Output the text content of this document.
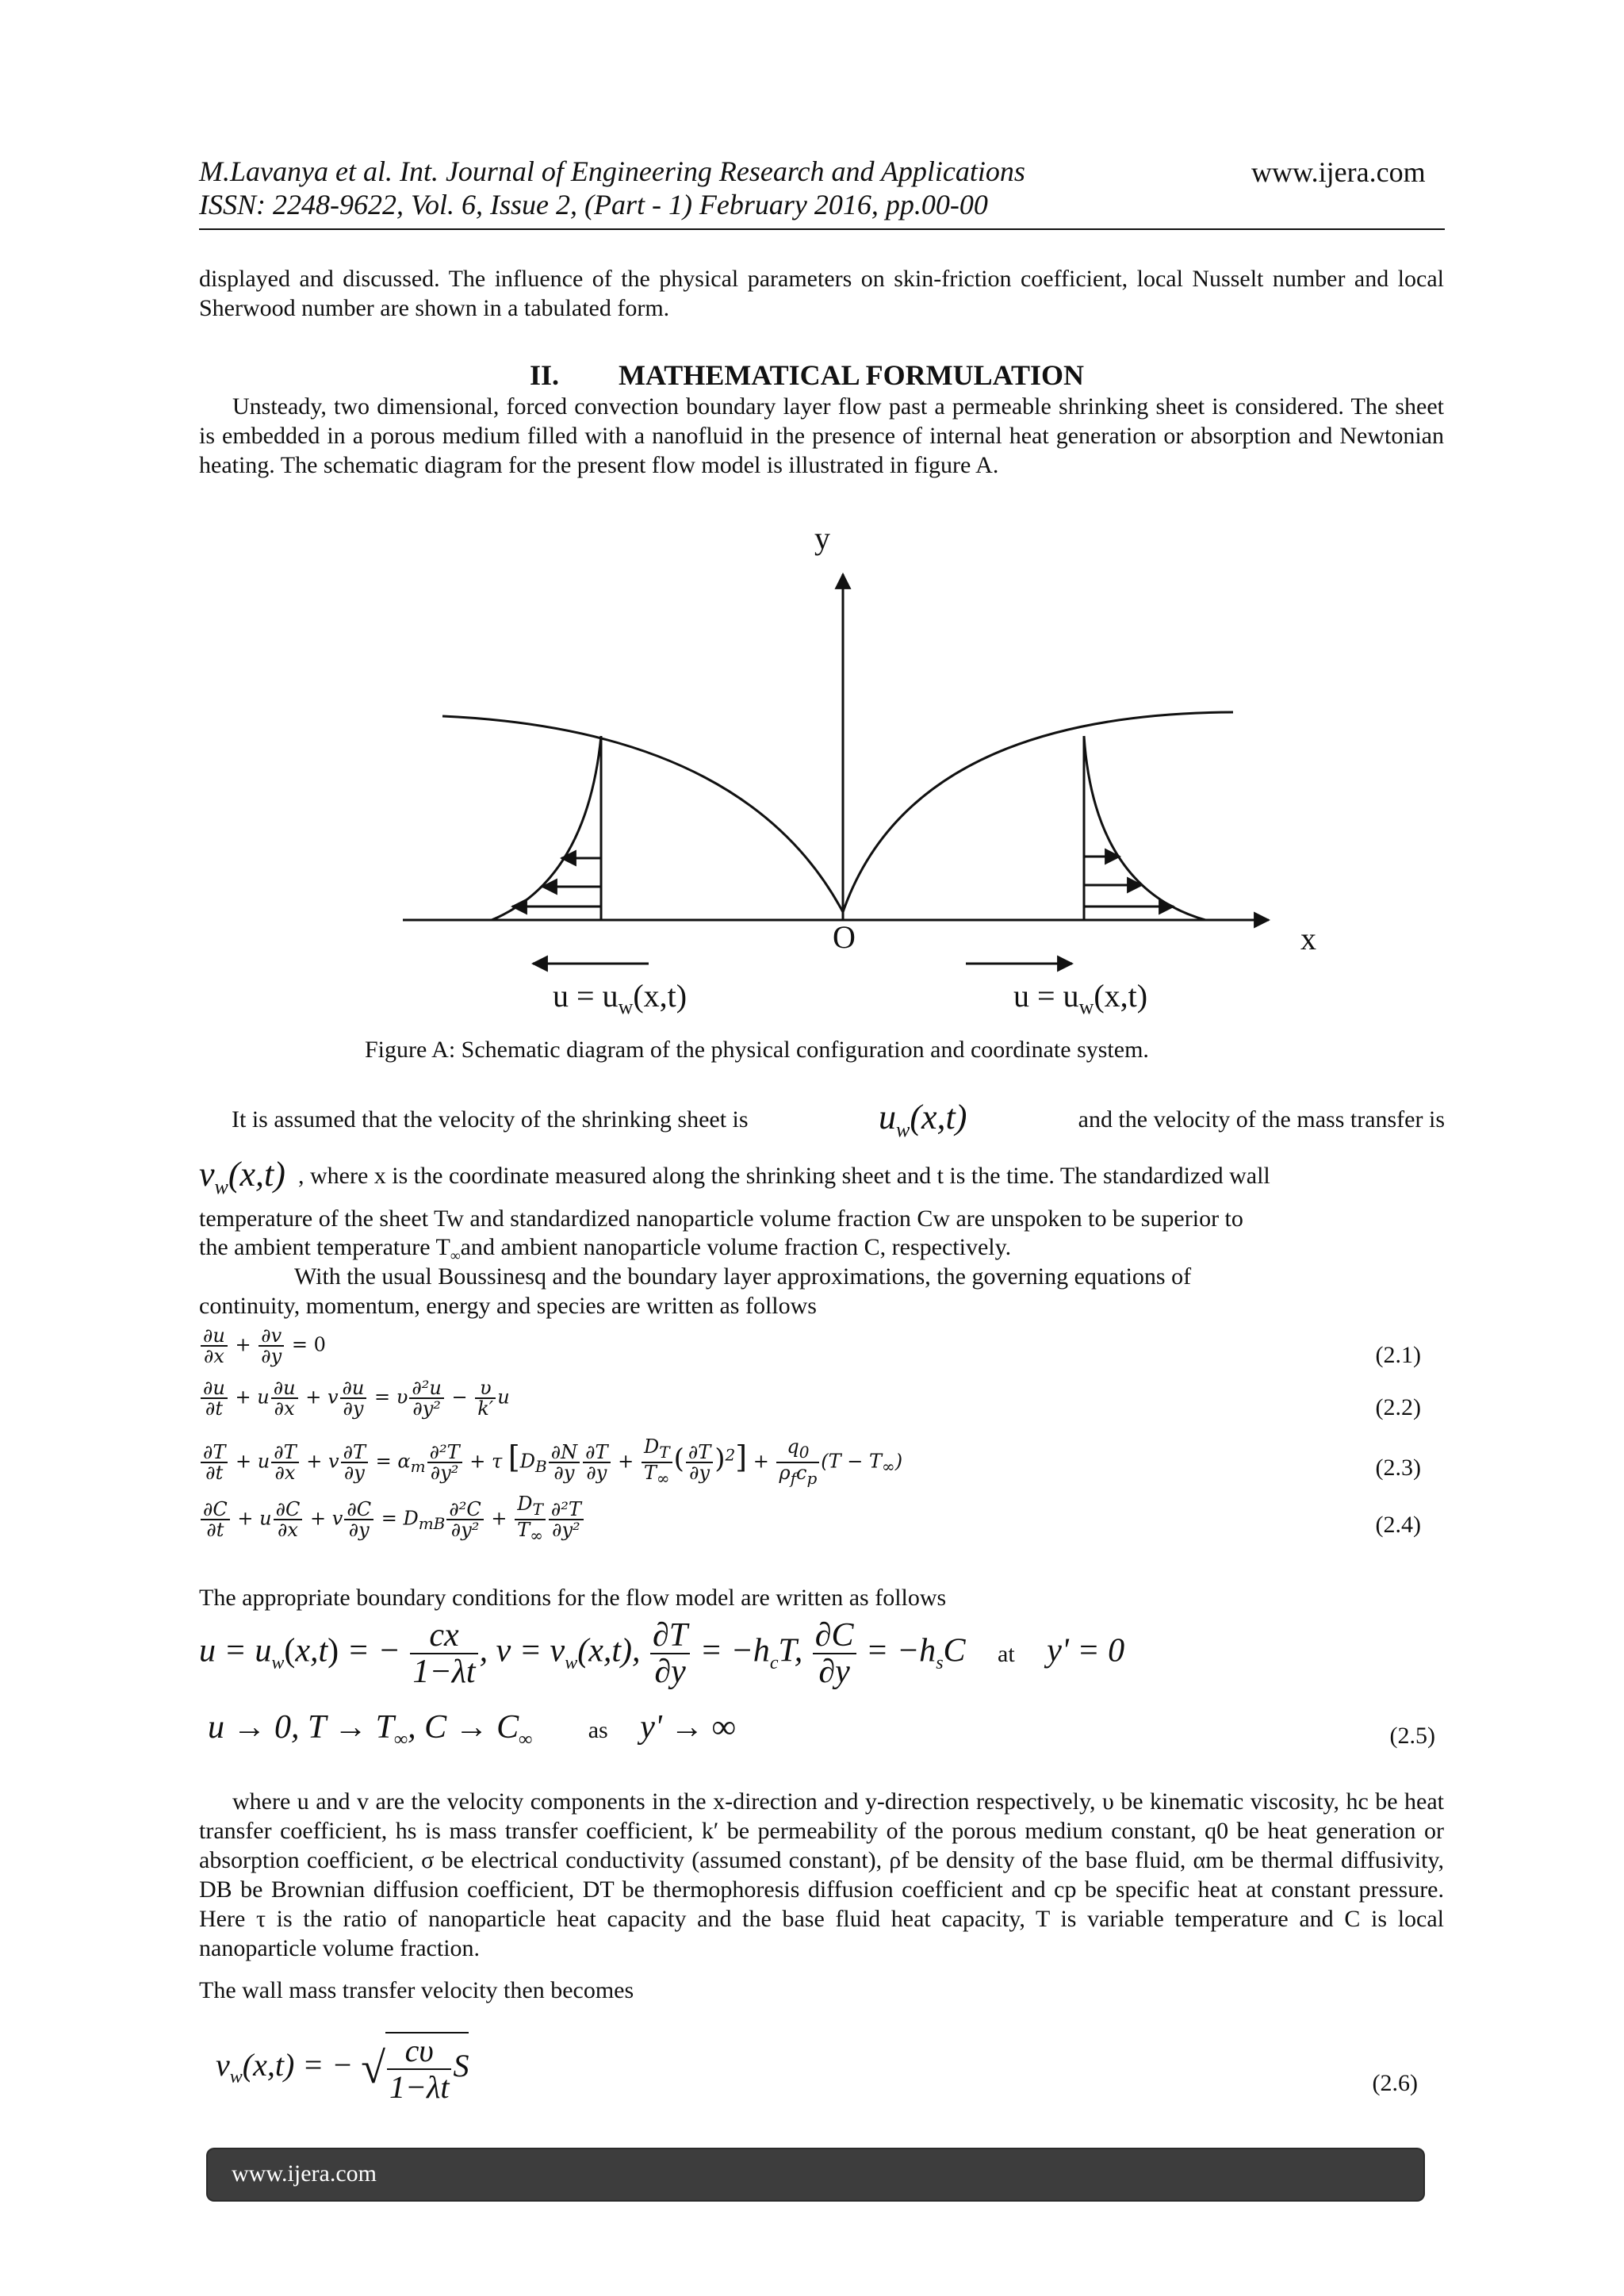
M.Lavanya et al. Int. Journal of Engineering Research and Applications
ISSN: 2248-9622, Vol. 6, Issue 2, (Part - 1) February 2016, pp.00-00
www.ijera.com
displayed and discussed. The influence of the physical parameters on skin-friction coefficient, local Nusselt number and local Sherwood number are shown in a tabulated form.
II. MATHEMATICAL FORMULATION
Unsteady, two dimensional, forced convection boundary layer flow past a permeable shrinking sheet is considered. The sheet is embedded in a porous medium filled with a nanofluid in the presence of internal heat generation or absorption and Newtonian heating. The schematic diagram for the present flow model is illustrated in figure A.
y
x
O
$u = u_w(x,t)$	$u = u_w(x,t)$
Figure A: Schematic diagram of the physical configuration and coordinate system.
It is assumed that the velocity of the shrinking sheet is	$u_w(x,t)$	and the velocity of the mass transfer is
$v_w(x,t)$ , where x is the coordinate measured along the shrinking sheet and t is the time. The standardized wall
temperature of the sheet Tw and standardized nanoparticle volume fraction Cw are unspoken to be superior to
the ambient temperature $T_\infty and$ ambient nanoparticle volume fraction C, respectively.
With the usual Boussinesq and the boundary layer approximations, the governing equations of
continuity, momentum, energy and species are written as follows
$\frac{\partial u}{\partial x} + \frac{\partial v}{\partial y} = 0$	(2.1)
$\frac{\partial u}{\partial t} + u \frac{\partial u}{\partial x} + v \frac{\partial u}{\partial y} = \upsilon \frac{\text{∂²u}}{\text{∂y²}} - \frac{\upsilon}{k'}$ u	(2.2)
$\frac{\partial T}{\partial t} + u \frac{\partial T}{\partial x} + v \frac{\partial T}{\partial y} = \alpha_m \frac{\text{∂²T}}{\text{∂y²}} + \tau$ [$D_B \frac{\partial N}{\partial y} \frac{\partial T}{\partial y} + \frac{D_T}{T_\infty}$ ( $\frac{\partial T}{\partial y} )^2] + \frac{q_0}{\rho_fc_p} (T - T_\infty)$	(2.3)
$\frac{\partial C}{\partial t} + u \frac{\partial C}{\partial x} + v \frac{\partial C}{\partial y} = D_{mB} \frac{\text{∂²C}}{\text{∂y²}} + \frac{D_T}{T_\infty} \frac{\text{∂²T}}{\text{∂y²}}$	(2.4)
The appropriate boundary conditions for the flow model are written as follows
$u = u_w(x,t)$ = − $\frac{cx}{1-\lambda t}$ , $v = v_w(x,t)$, $\frac{\partial T}{\partial y} = -h_cT$, $\frac{\partial C}{\partial y} = -h_sC$ at y' = 0
u → 0, $T \to T_\infty$, $C \to C_\infty$ as y' → ∞	(2.5)
where u and v are the velocity components in the x-direction and y-direction respectively, υ be kinematic viscosity, hc be heat transfer coefficient, hs is mass transfer coefficient, k′ be permeability of the porous medium constant, q0 be heat generation or absorption coefficient, σ be electrical conductivity (assumed constant), ρf be density of the base fluid, αm be thermal diffusivity, DB be Brownian diffusion coefficient, DT be thermophoresis diffusion coefficient and cp be specific heat at constant pressure. Here τ is the ratio of nanoparticle heat capacity and the base fluid heat capacity, T is variable temperature and C is local nanoparticle volume fraction.
The wall mass transfer velocity then becomes
$v_w(x,t)$ = − √ $\frac{c\upsilon}{1-\lambda t}$ S	(2.6)
www.ijera.com
